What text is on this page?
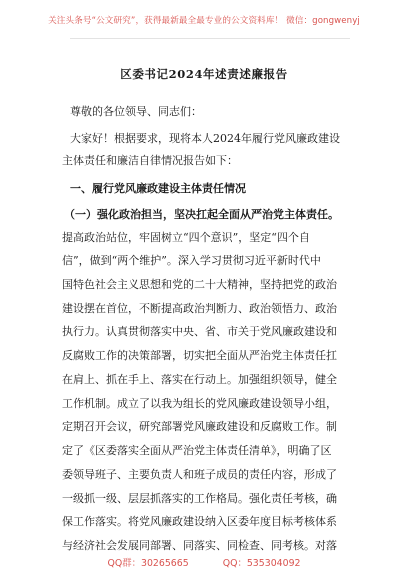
关注头条号“公文研究”，获得最新最全最专业的公文资料库！ 微信：gongwenyj
区委书记2024年述责述廉报告
尊敬的各位领导、同志们：
大家好！根据要求，现将本人2024年履行党风廉政建设
主体责任和廉洁自律情况报告如下：
一、履行党风廉政建设主体责任情况
（一）强化政治担当，坚决扛起全面从严治党主体责任。
提高政治站位，牢固树立“四个意识”，坚定“四个自
信”，做到“两个维护”。深入学习贯彻习近平新时代中
国特色社会主义思想和党的二十大精神，坚持把党的政治
建设摆在首位，不断提高政治判断力、政治领悟力、政治
执行力。认真贯彻落实中央、省、市关于党风廉政建设和
反腐败工作的决策部署，切实把全面从严治党主体责任扛
在肩上、抓在手上、落实在行动上。加强组织领导，健全
工作机制。成立了以我为组长的党风廉政建设领导小组，
定期召开会议，研究部署党风廉政建设和反腐败工作。制
定了《区委落实全面从严治党主体责任清单》，明确了区
委领导班子、主要负责人和班子成员的责任内容，形成了
一级抓一级、层层抓落实的工作格局。强化责任考核，确
保工作落实。将党风廉政建设纳入区委年度目标考核体系
与经济社会发展同部署、同落实、同检查、同考核。对落
QQ群：30265665	QQ：535304092
